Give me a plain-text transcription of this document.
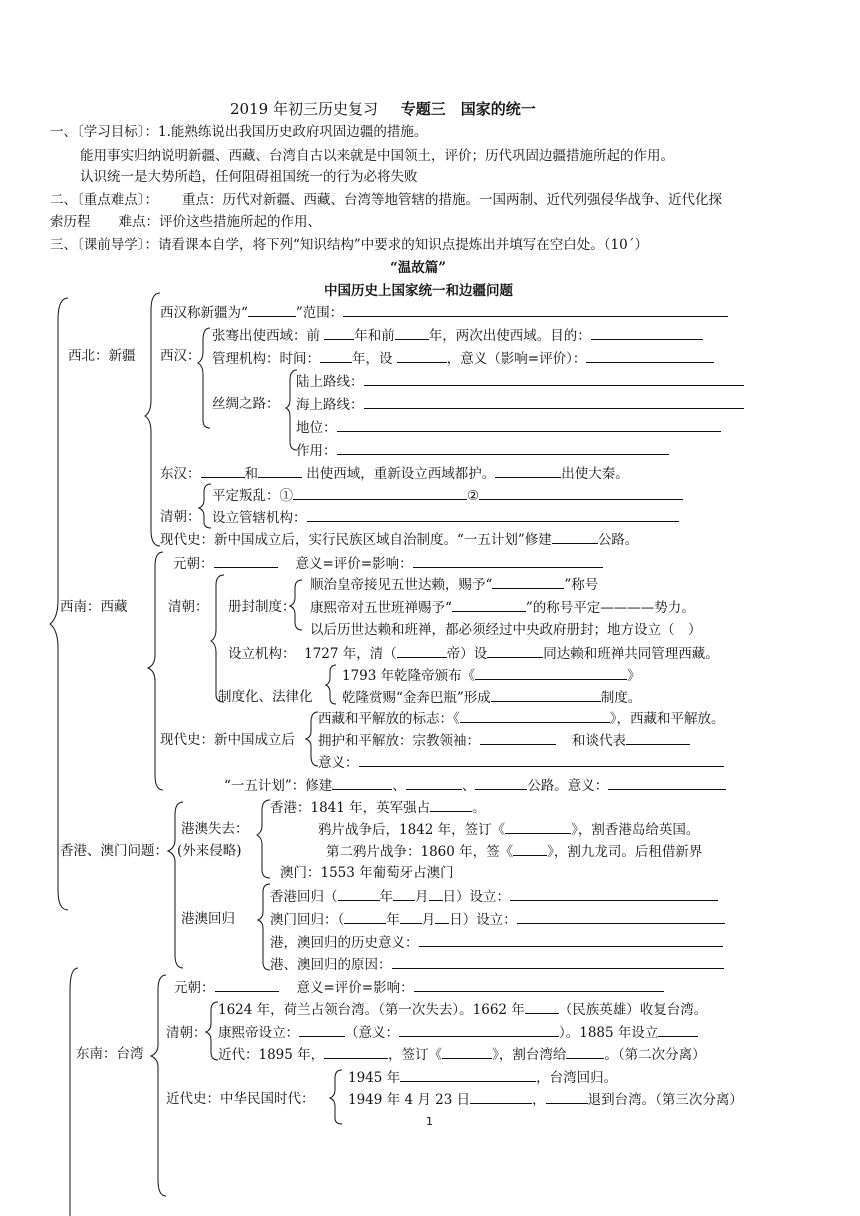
2019 年初三历史复习 专题三　国家的统一
一、〔学习目标〕：1.能熟练说出我国历史政府巩固边疆的措施。
能用事实归纳说明新疆、西藏、台湾自古以来就是中国领土，评价；历代巩固边疆措施所起的作用。
认识统一是大势所趋，任何阻碍祖国统一的行为必将失败
二、〔重点难点〕： 重点：历代对新疆、西藏、台湾等地管辖的措施。一国两制、近代列强侵华战争、近代化探
索历程 难点：评价这些措施所起的作用、
三、〔课前导学〕：请看课本自学，将下列“知识结构”中要求的知识点提炼出并填写在空白处。（10´）
“温故篇”
中国历史上国家统一和边疆问题
西北：新疆
西汉称新疆为“	”范围：
西汉：
张骞出使西域：前	年和前	年，两次出使西域。目的：
管理机构：时间： 年，设	，意义（影响=评价）：
丝绸之路：
陆上路线：
海上路线：
地位：
作用：
东汉：	和	出使西域，重新设立西域都护。	出使大秦。
清朝：
平定叛乱：①	②
设立管辖机构：
现代史：新中国成立后，实行民族区域自治制度。“一五计划”修建	公路。
西南：西藏
元朝：	意义=评价=影响：
清朝： 册封制度：
顺治皇帝接见五世达赖，赐予“	”称号
康熙帝对五世班禅赐予“	”的称号平定————势力。
以后历世达赖和班禅，都必须经过中央政府册封；地方设立（　）
设立机构： 1727 年，清（	帝）设	同达赖和班禅共同管理西藏。
制度化、法律化
1793 年乾隆帝颁布《	》
乾隆赏赐“金奔巴瓶”形成	制度。
现代史：新中国成立后
西藏和平解放的标志：《	》，西藏和平解放。
拥护和平解放：宗教领袖：	和谈代表
意义：
“一五计划”：修建	、	、	公路。意义：
香港、澳门问题：
港澳失去：
(外来侵略)
香港：1841 年，英军强占	。
鸦片战争后，1842 年，签订《	》，割香港岛给英国。
第二鸦片战争：1860 年，签《	》，割九龙司。后租借新界
澳门：1553 年葡萄牙占澳门
港澳回归
香港回归（	年 月 日）设立：
澳门回归：（	年 月 日）设立：
港，澳回归的历史意义：
港、澳回归的原因：
东南：台湾
元朝：	意义=评价=影响：
清朝：
1624 年，荷兰占领台湾。（第一次失去）。1662 年	（民族英雄）收复台湾。
康熙帝设立：	（意义：	）。1885 年设立
近代：1895 年，	，签订《	》，割台湾给	。（第二次分离）
近代史：中华民国时代：
1945 年	，台湾回归。
1949 年 4 月 23 日	，	退到台湾。（第三次分离）
1
